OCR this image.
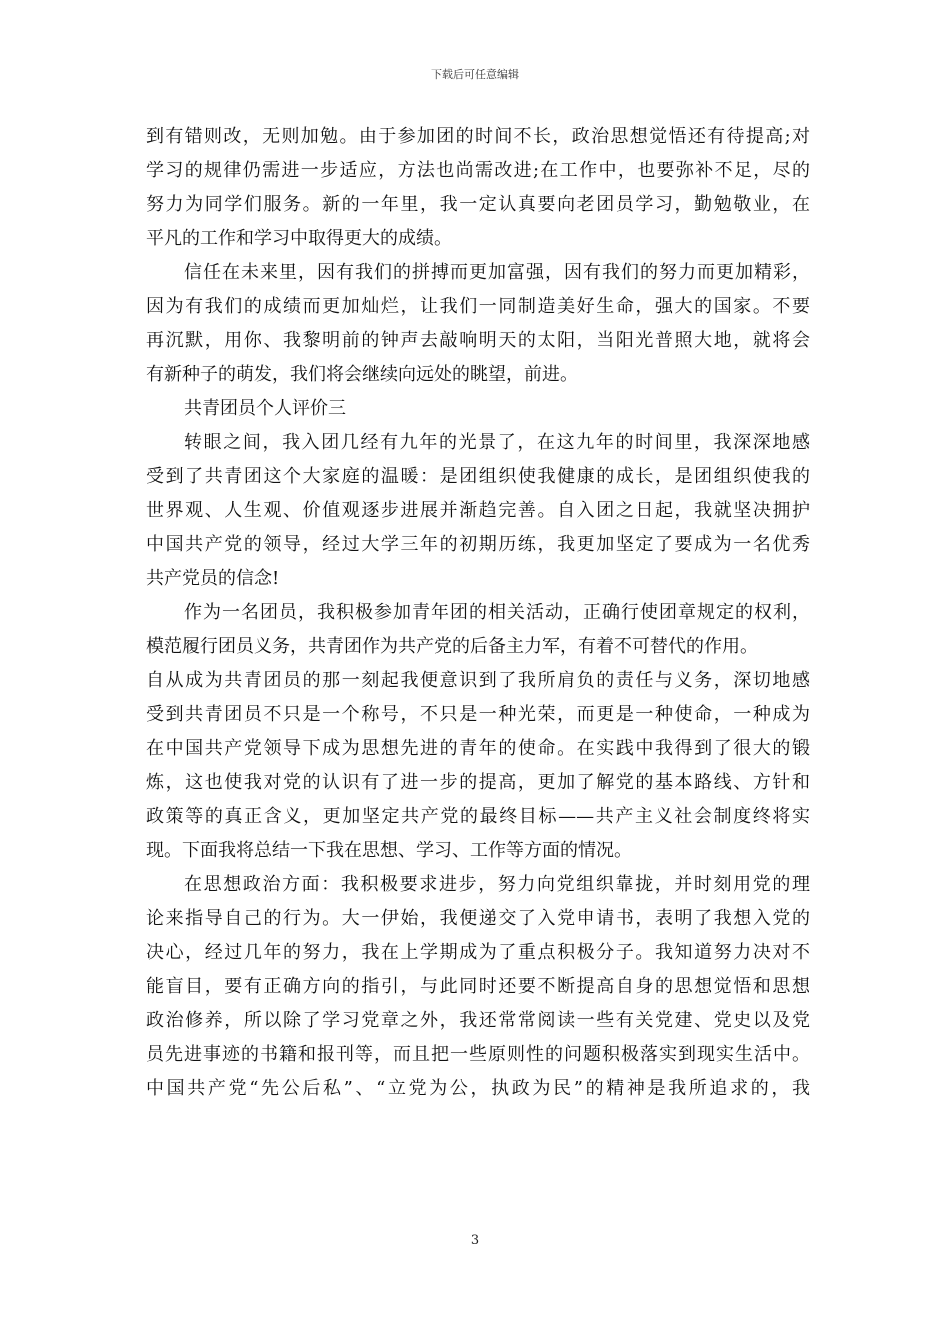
下载后可任意编辑
到有错则改，无则加勉。由于参加团的时间不长，政治思想觉悟还有待提高;对
学习的规律仍需进一步适应，方法也尚需改进;在工作中，也要弥补不足，尽的
努力为同学们服务。新的一年里，我一定认真要向老团员学习，勤勉敬业，在
平凡的工作和学习中取得更大的成绩。
信任在未来里，因有我们的拼搏而更加富强，因有我们的努力而更加精彩，
因为有我们的成绩而更加灿烂，让我们一同制造美好生命，强大的国家。不要
再沉默，用你、我黎明前的钟声去敲响明天的太阳，当阳光普照大地，就将会
有新种子的萌发，我们将会继续向远处的眺望，前进。
共青团员个人评价三
转眼之间，我入团几经有九年的光景了，在这九年的时间里，我深深地感
受到了共青团这个大家庭的温暖：是团组织使我健康的成长，是团组织使我的
世界观、人生观、价值观逐步进展并渐趋完善。自入团之日起，我就坚决拥护
中国共产党的领导，经过大学三年的初期历练，我更加坚定了要成为一名优秀
共产党员的信念!
作为一名团员，我积极参加青年团的相关活动，正确行使团章规定的权利，
模范履行团员义务，共青团作为共产党的后备主力军，有着不可替代的作用。
自从成为共青团员的那一刻起我便意识到了我所肩负的责任与义务，深切地感
受到共青团员不只是一个称号，不只是一种光荣，而更是一种使命，一种成为
在中国共产党领导下成为思想先进的青年的使命。在实践中我得到了很大的锻
炼，这也使我对党的认识有了进一步的提高，更加了解党的基本路线、方针和
政策等的真正含义，更加坚定共产党的最终目标——共产主义社会制度终将实
现。下面我将总结一下我在思想、学习、工作等方面的情况。
在思想政治方面：我积极要求进步，努力向党组织靠拢，并时刻用党的理
论来指导自己的行为。大一伊始，我便递交了入党申请书，表明了我想入党的
决心，经过几年的努力，我在上学期成为了重点积极分子。我知道努力决对不
能盲目，要有正确方向的指引，与此同时还要不断提高自身的思想觉悟和思想
政治修养，所以除了学习党章之外，我还常常阅读一些有关党建、党史以及党
员先进事迹的书籍和报刊等，而且把一些原则性的问题积极落实到现实生活中。
中国共产党“先公后私”、“立党为公，执政为民”的精神是我所追求的，我
3
